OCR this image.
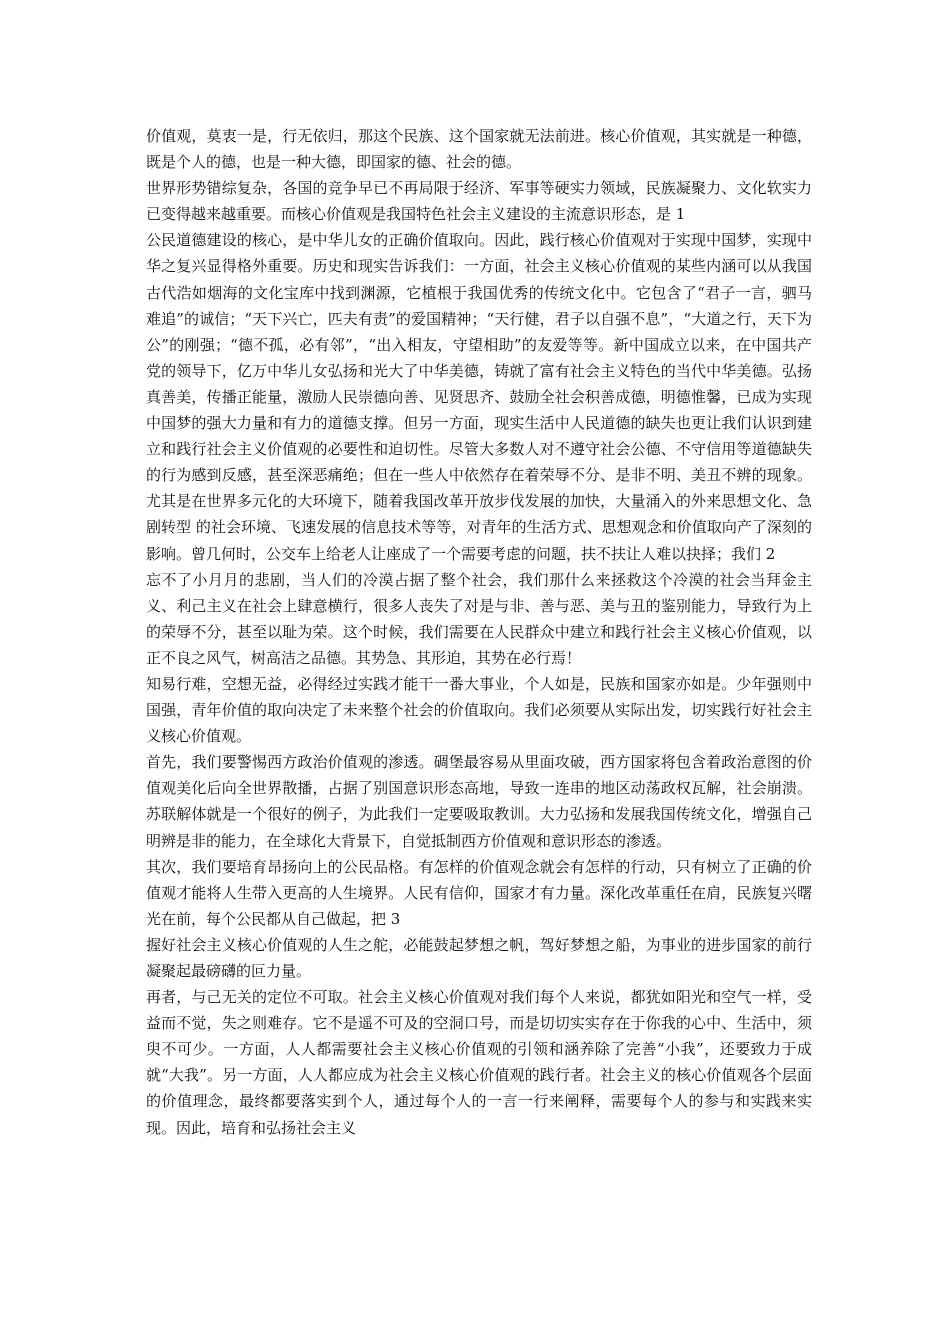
价值观，莫衷一是，行无依归，那这个民族、这个国家就无法前进。核心价值观，其实就是一种德，既是个人的德，也是一种大德，即国家的德、社会的德。

世界形势错综复杂，各国的竞争早已不再局限于经济、军事等硬实力领域，民族凝聚力、文化软实力已变得越来越重要。而核心价值观是我国特色社会主义建设的主流意识形态，是 1

公民道德建设的核心，是中华儿女的正确价值取向。因此，践行核心价值观对于实现中国梦，实现中华之复兴显得格外重要。历史和现实告诉我们：一方面，社会主义核心价值观的某些内涵可以从我国古代浩如烟海的文化宝库中找到渊源，它植根于我国优秀的传统文化中。它包含了“君子一言，驷马难追”的诚信；“天下兴亡，匹夫有责”的爱国精神；“天行健，君子以自强不息”，“大道之行，天下为公”的刚强；“德不孤，必有邻”，“出入相友，守望相助”的友爱等等。新中国成立以来，在中国共产党的领导下，亿万中华儿女弘扬和光大了中华美德，铸就了富有社会主义特色的当代中华美德。弘扬真善美，传播正能量，激励人民崇德向善、见贤思齐、鼓励全社会积善成德，明德惟馨，已成为实现中国梦的强大力量和有力的道德支撑。但另一方面，现实生活中人民道德的缺失也更让我们认识到建立和践行社会主义价值观的必要性和迫切性。尽管大多数人对不遵守社会公德、不守信用等道德缺失的行为感到反感，甚至深恶痛绝；但在一些人中依然存在着荣辱不分、是非不明、美丑不辨的现象。尤其是在世界多元化的大环境下，随着我国改革开放步伐发展的加快，大量涌入的外来思想文化、急剧转型 的社会环境、飞速发展的信息技术等等，对青年的生活方式、思想观念和价值取向产了深刻的影响。曾几何时，公交车上给老人让座成了一个需要考虑的问题，扶不扶让人难以抉择；我们 2

忘不了小月月的悲剧，当人们的冷漠占据了整个社会，我们那什么来拯救这个冷漠的社会当拜金主义、利己主义在社会上肆意横行，很多人丧失了对是与非、善与恶、美与丑的鉴别能力，导致行为上的荣辱不分，甚至以耻为荣。这个时候，我们需要在人民群众中建立和践行社会主义核心价值观，以正不良之风气，树高洁之品德。其势急、其形迫，其势在必行焉！

知易行难，空想无益，必得经过实践才能干一番大事业，个人如是，民族和国家亦如是。少年强则中国强，青年价值的取向决定了未来整个社会的价值取向。我们必须要从实际出发，切实践行好社会主义核心价值观。

首先，我们要警惕西方政治价值观的渗透。碉堡最容易从里面攻破，西方国家将包含着政治意图的价值观美化后向全世界散播，占据了别国意识形态高地，导致一连串的地区动荡政权瓦解，社会崩溃。苏联解体就是一个很好的例子，为此我们一定要吸取教训。大力弘扬和发展我国传统文化，增强自己明辨是非的能力，在全球化大背景下，自觉抵制西方价值观和意识形态的渗透。

其次，我们要培育昂扬向上的公民品格。有怎样的价值观念就会有怎样的行动，只有树立了正确的价值观才能将人生带入更高的人生境界。人民有信仰，国家才有力量。深化改革重任在肩，民族复兴曙光在前，每个公民都从自己做起，把 3

握好社会主义核心价值观的人生之舵，必能鼓起梦想之帆，驾好梦想之船，为事业的进步国家的前行凝聚起最磅礴的叵力量。

再者，与己无关的定位不可取。社会主义核心价值观对我们每个人来说，都犹如阳光和空气一样，受益而不觉，失之则难存。它不是遥不可及的空洞口号，而是切切实实存在于你我的心中、生活中，须臾不可少。一方面，人人都需要社会主义核心价值观的引领和涵养除了完善“小我”，还要致力于成就“大我”。另一方面，人人都应成为社会主义核心价值观的践行者。社会主义的核心价值观各个层面的价值理念，最终都要落实到个人，通过每个人的一言一行来阐释，需要每个人的参与和实践来实现。因此，培育和弘扬社会主义
